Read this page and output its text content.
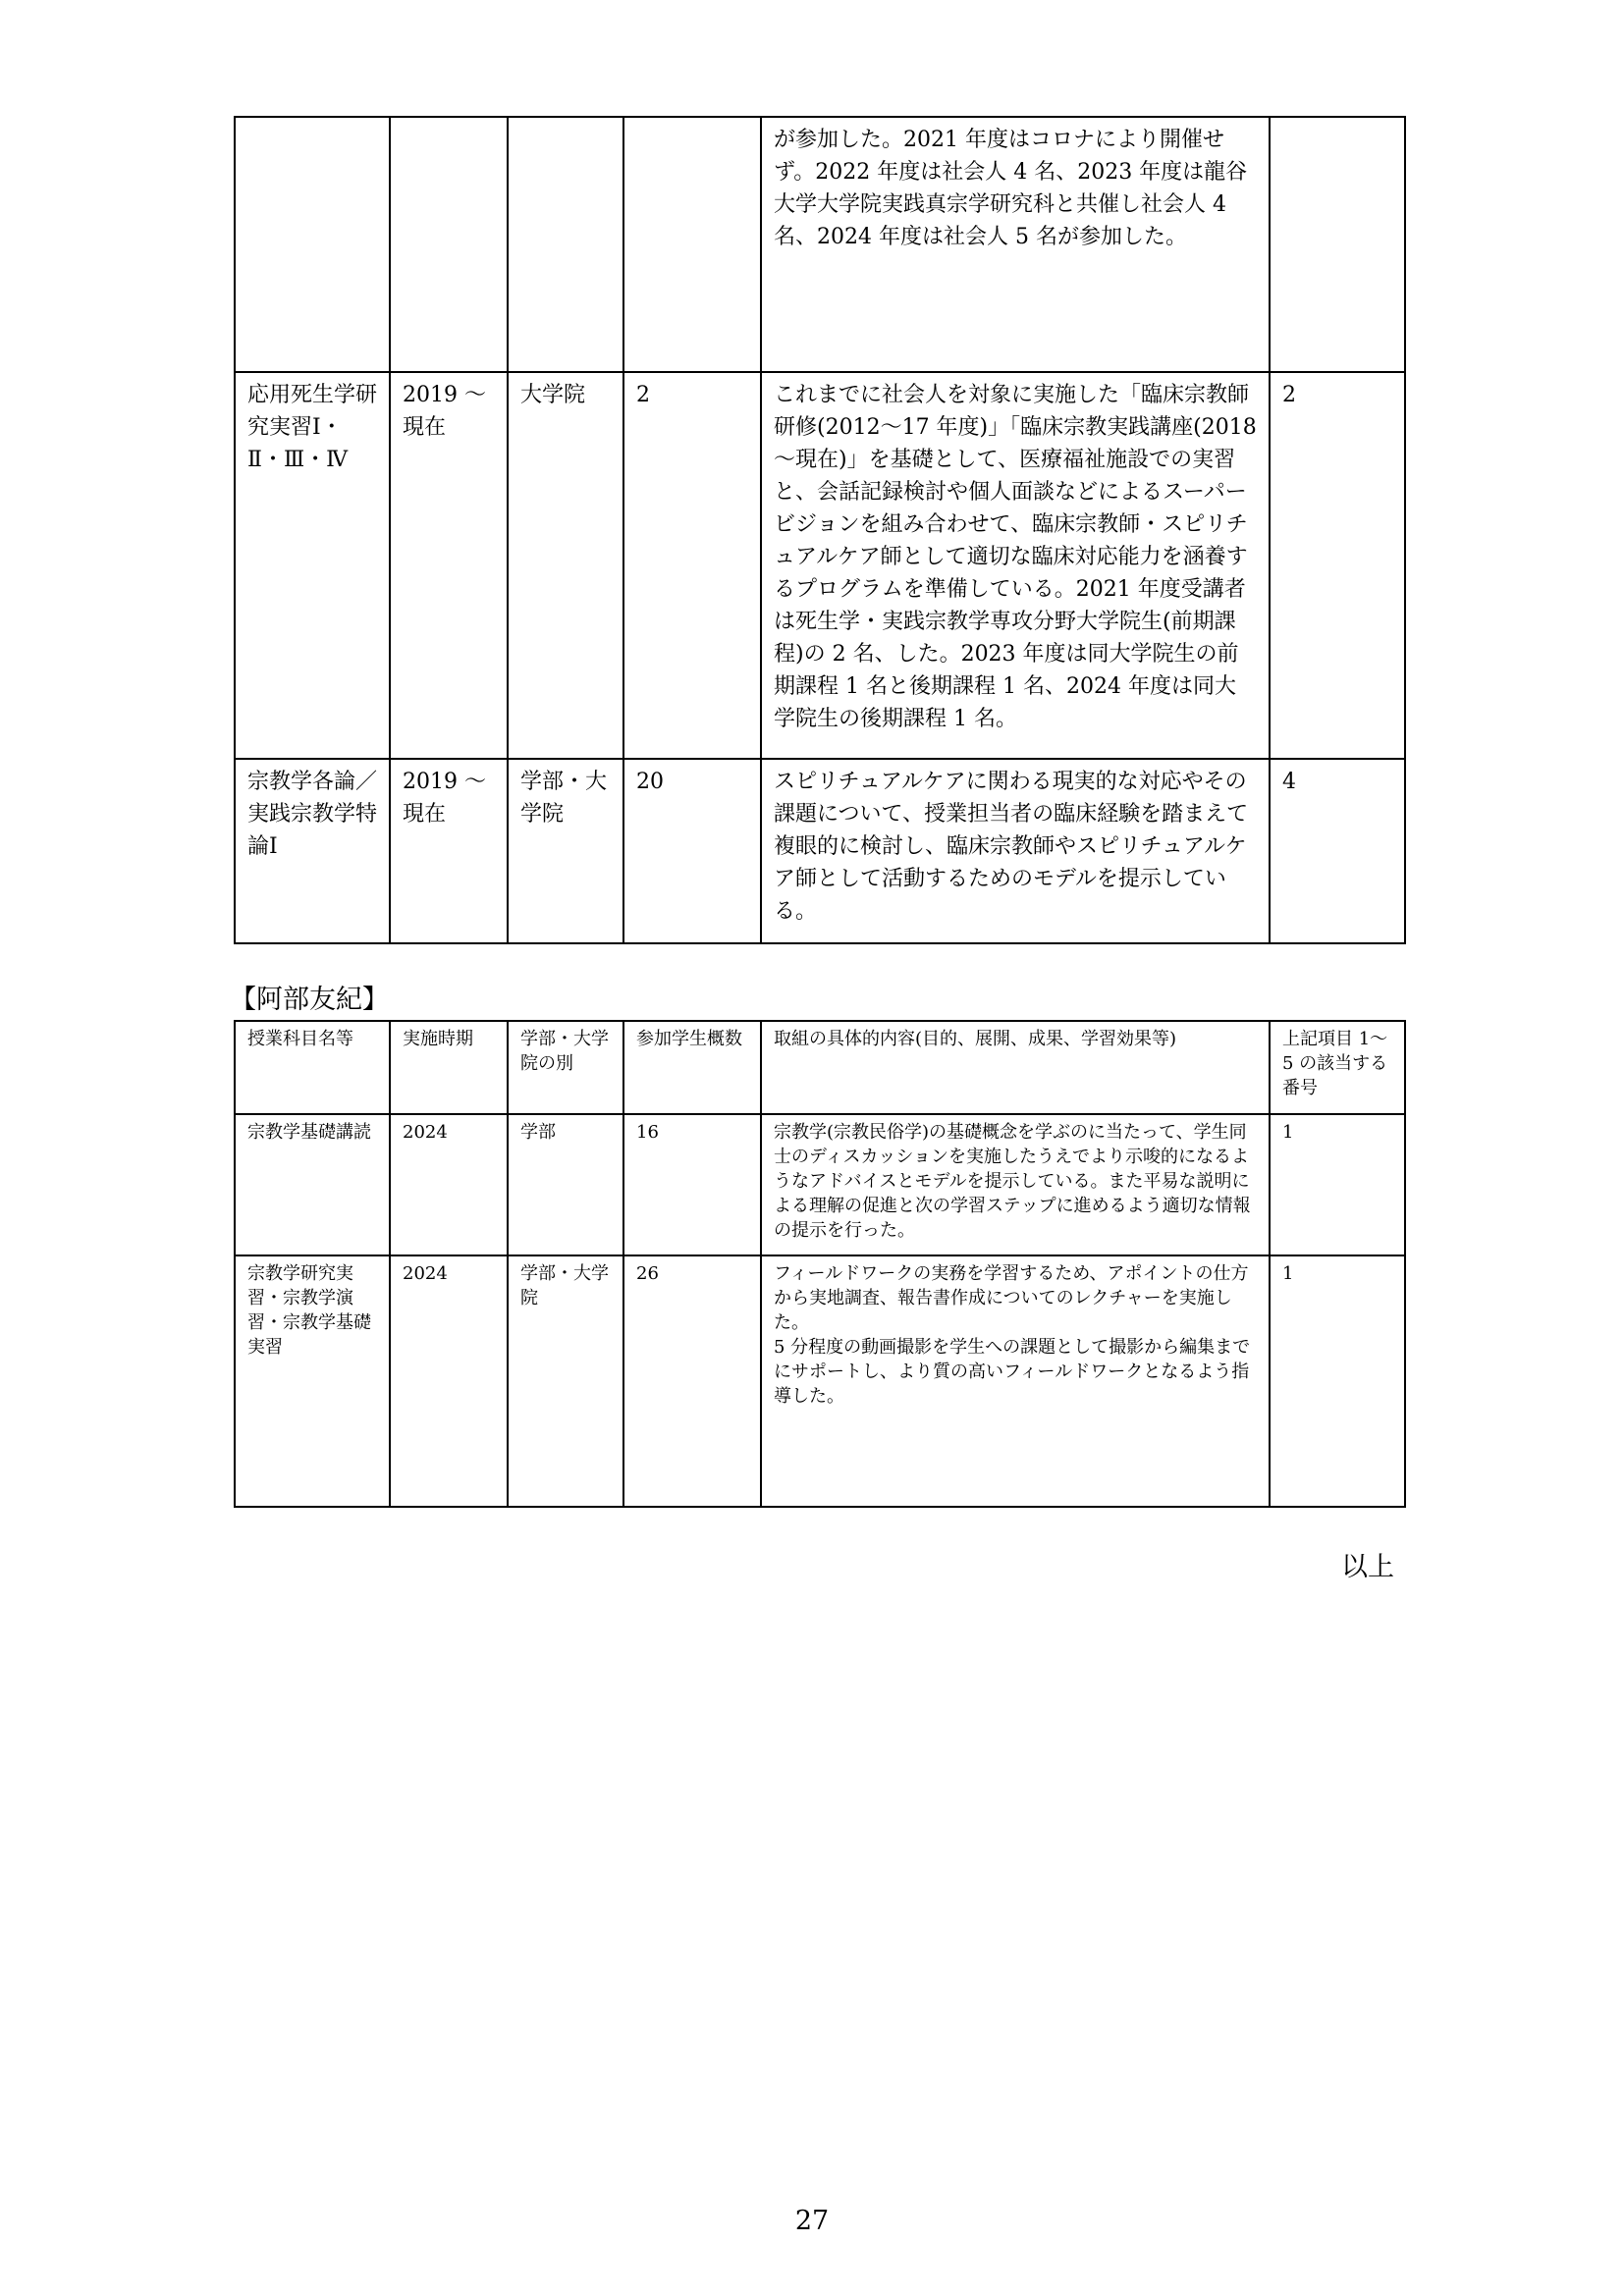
				が参加した。2021 年度はコロナにより開催せず。2022 年度は社会人 4 名、2023 年度は龍谷大学大学院実践真宗学研究科と共催し社会人 4 名、2024 年度は社会人 5 名が参加した。	
応用死生学研究実習Ⅰ・Ⅱ・Ⅲ・Ⅳ	2019 ～現在	大学院	2	これまでに社会人を対象に実施した「臨床宗教師研修(2012～17 年度)」「臨床宗教実践講座(2018～現在)」を基礎として、医療福祉施設での実習と、会話記録検討や個人面談などによるスーパービジョンを組み合わせて、臨床宗教師・スピリチュアルケア師として適切な臨床対応能力を涵養するプログラムを準備している。2021 年度受講者は死生学・実践宗教学専攻分野大学院生(前期課程)の 2 名、した。2023 年度は同大学院生の前期課程 1 名と後期課程 1 名、2024 年度は同大学院生の後期課程 1 名。	2
宗教学各論／実践宗教学特論Ⅰ	2019 ～現在	学部・大学院	20	スピリチュアルケアに関わる現実的な対応やその課題について、授業担当者の臨床経験を踏まえて複眼的に検討し、臨床宗教師やスピリチュアルケア師として活動するためのモデルを提示している。	4
【阿部友紀】
授業科目名等	実施時期	学部・大学院の別	参加学生概数	取組の具体的内容(目的、展開、成果、学習効果等)	上記項目 1～5 の該当する番号
宗教学基礎講読	2024	学部	16	宗教学(宗教民俗学)の基礎概念を学ぶのに当たって、学生同士のディスカッションを実施したうえでより示唆的になるようなアドバイスとモデルを提示している。また平易な説明による理解の促進と次の学習ステップに進めるよう適切な情報の提示を行った。	1
宗教学研究実習・宗教学演習・宗教学基礎実習	2024	学部・大学院	26	フィールドワークの実務を学習するため、アポイントの仕方から実地調査、報告書作成についてのレクチャーを実施した。
5 分程度の動画撮影を学生への課題として撮影から編集までにサポートし、より質の高いフィールドワークとなるよう指導した。	1
以上
27
